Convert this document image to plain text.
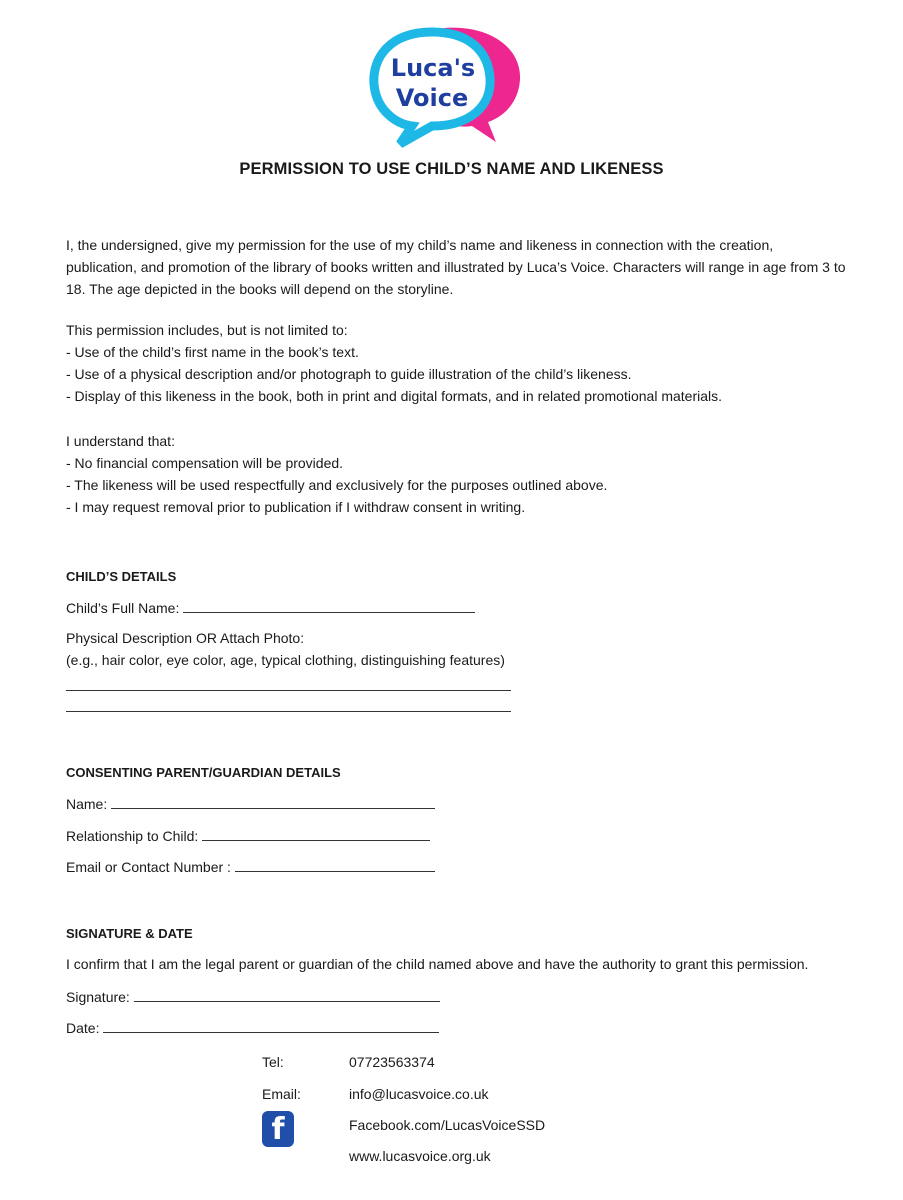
Luca's
Voice
PERMISSION TO USE CHILD’S NAME AND LIKENESS
I, the undersigned, give my permission for the use of my child’s name and likeness in connection with the creation, publication, and promotion of the library of books written and illustrated by Luca’s Voice. Characters will range in age from 3 to 18. The age depicted in the books will depend on the storyline.
This permission includes, but is not limited to:
- Use of the child’s first name in the book’s text.
- Use of a physical description and/or photograph to guide illustration of the child’s likeness.
- Display of this likeness in the book, both in print and digital formats, and in related promotional materials.
I understand that:
- No financial compensation will be provided.
- The likeness will be used respectfully and exclusively for the purposes outlined above.
- I may request removal prior to publication if I withdraw consent in writing.
CHILD’S DETAILS
Child’s Full Name:
Physical Description OR Attach Photo:
(e.g., hair color, eye color, age, typical clothing, distinguishing features)
CONSENTING PARENT/GUARDIAN DETAILS
Name:
Relationship to Child:
Email or Contact Number :
SIGNATURE & DATE
I confirm that I am the legal parent or guardian of the child named above and have the authority to grant this permission.
Signature:
Date:
Tel:	07723563374
Email:	info@lucasvoice.co.uk
f	Facebook.com/LucasVoiceSSD
www.lucasvoice.org.uk
